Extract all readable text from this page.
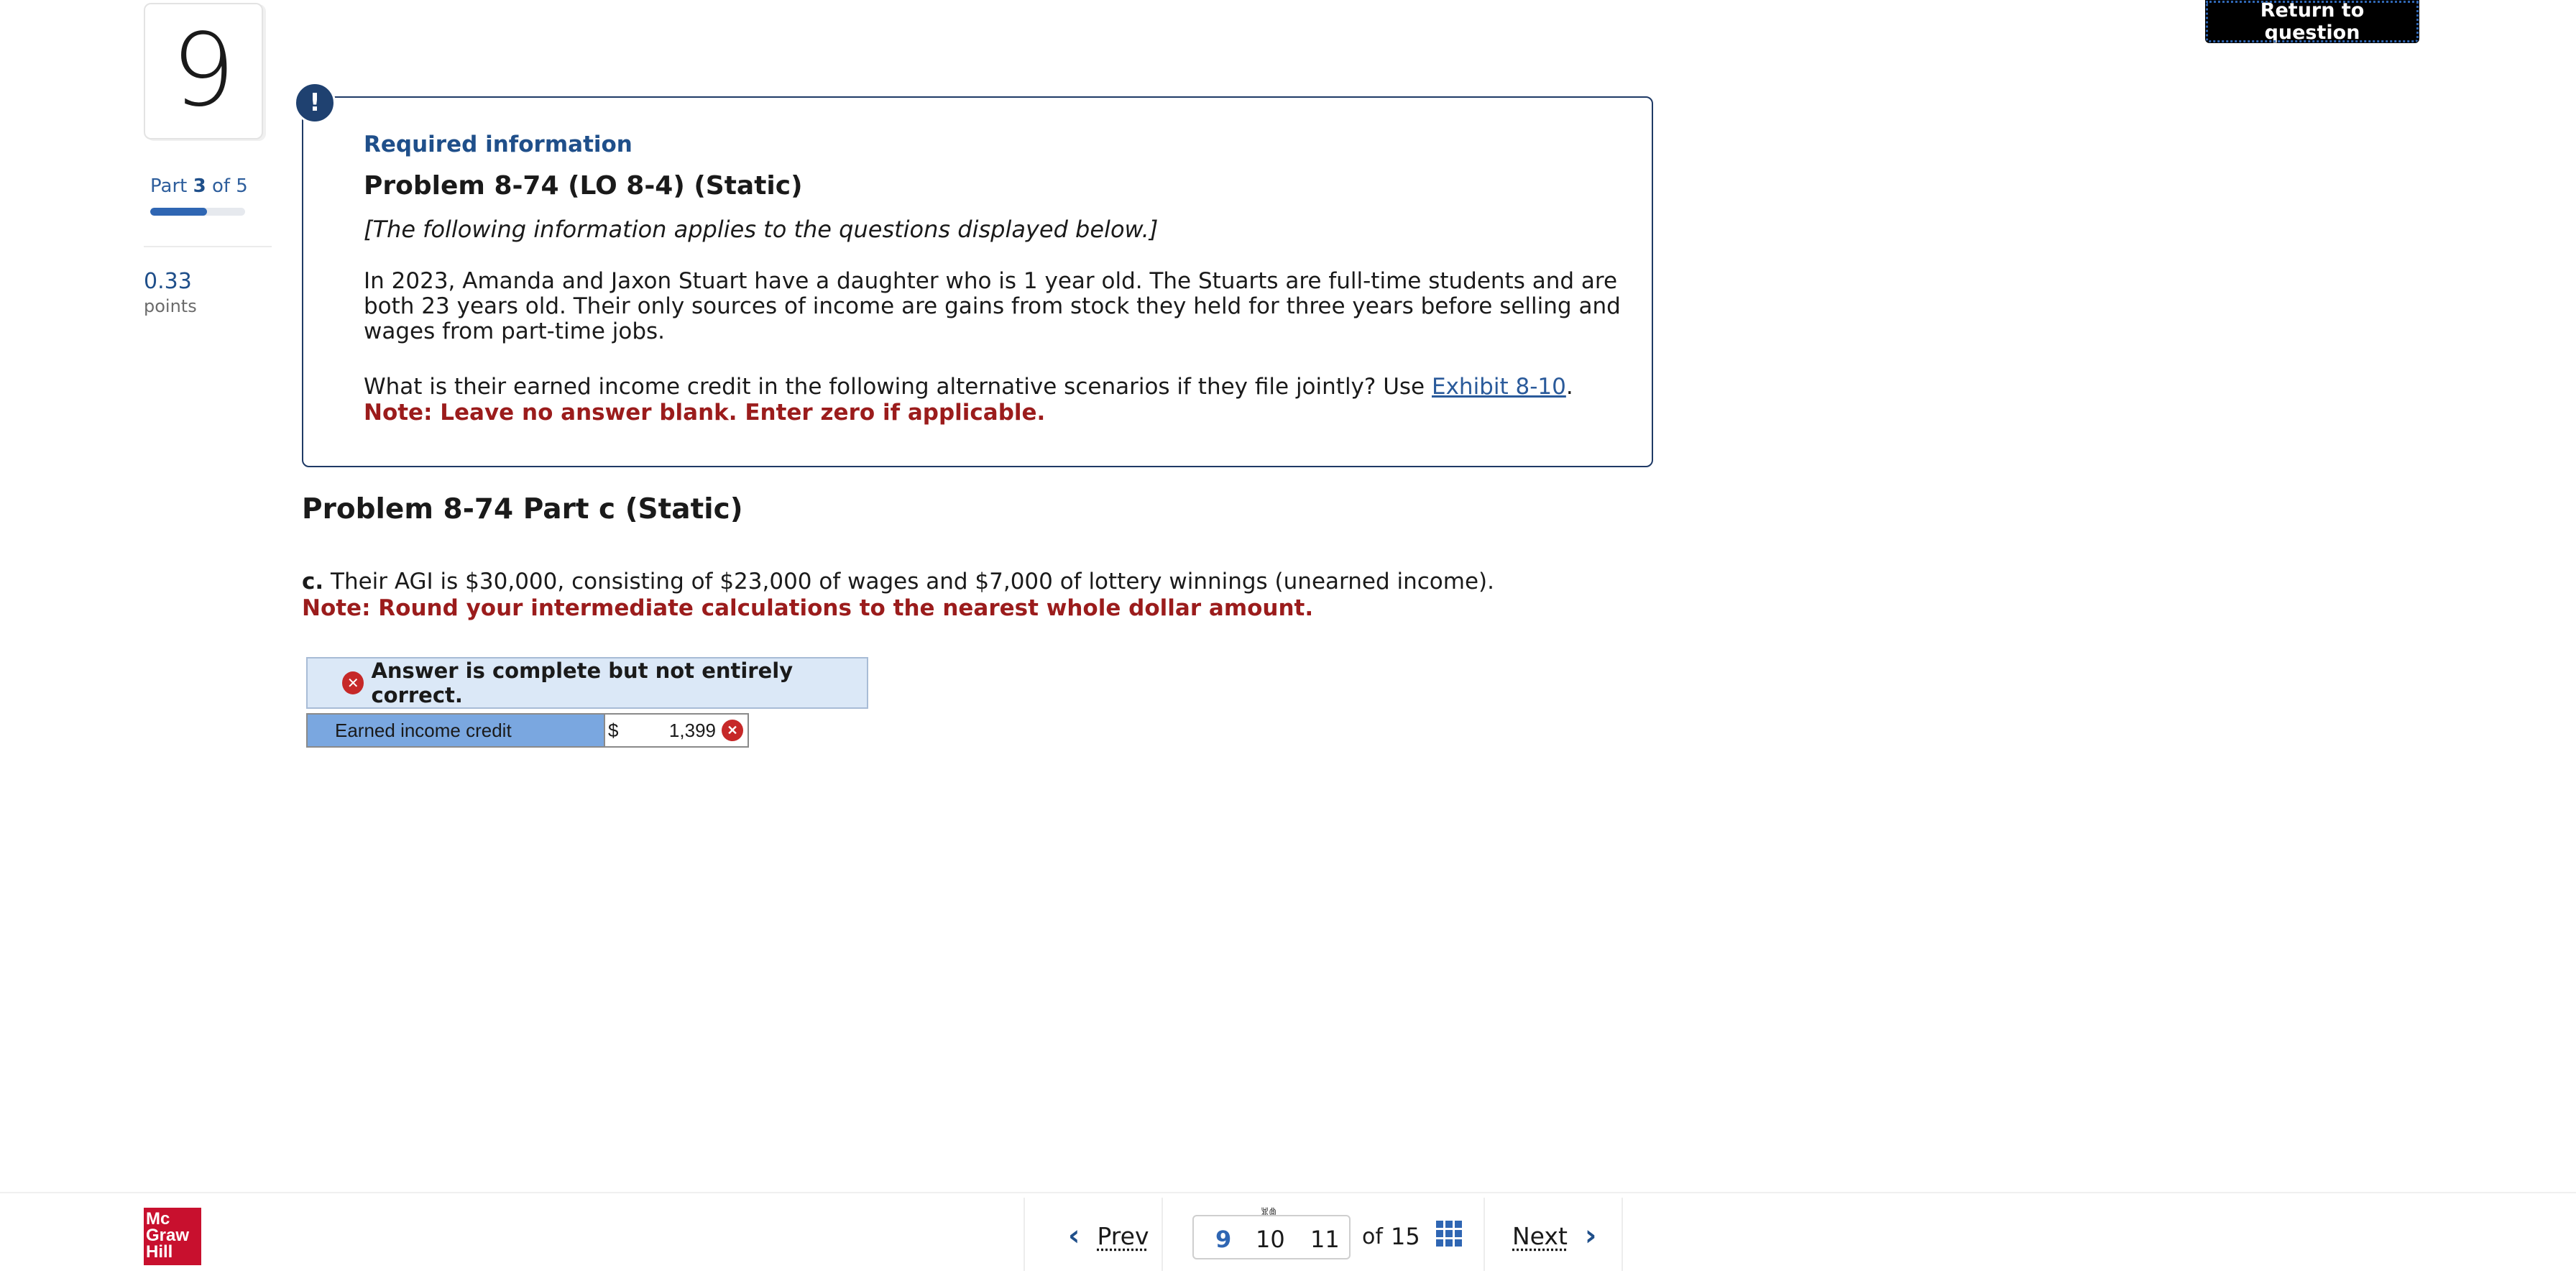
9
Part 3 of 5
0.33
points
Return to question
!
Required information
Problem 8-74 (LO 8-4) (Static)
[The following information applies to the questions displayed below.]
In 2023, Amanda and Jaxon Stuart have a daughter who is 1 year old. The Stuarts are full-time students and are both 23 years old. Their only sources of income are gains from stock they held for three years before selling and wages from part-time jobs.
What is their earned income credit in the following alternative scenarios if they file jointly? Use Exhibit 8-10.
Note: Leave no answer blank. Enter zero if applicable.
Problem 8-74 Part c (Static)
c. Their AGI is $30,000, consisting of $23,000 of wages and $7,000 of lottery winnings (unearned income).
Note: Round your intermediate calculations to the nearest whole dollar amount.
✕ Answer is complete but not entirely correct.
Earned income credit	$	1,399 ✕
Mc
Graw
Hill	‹ Prev	9 10 11 of 15	Next ›
